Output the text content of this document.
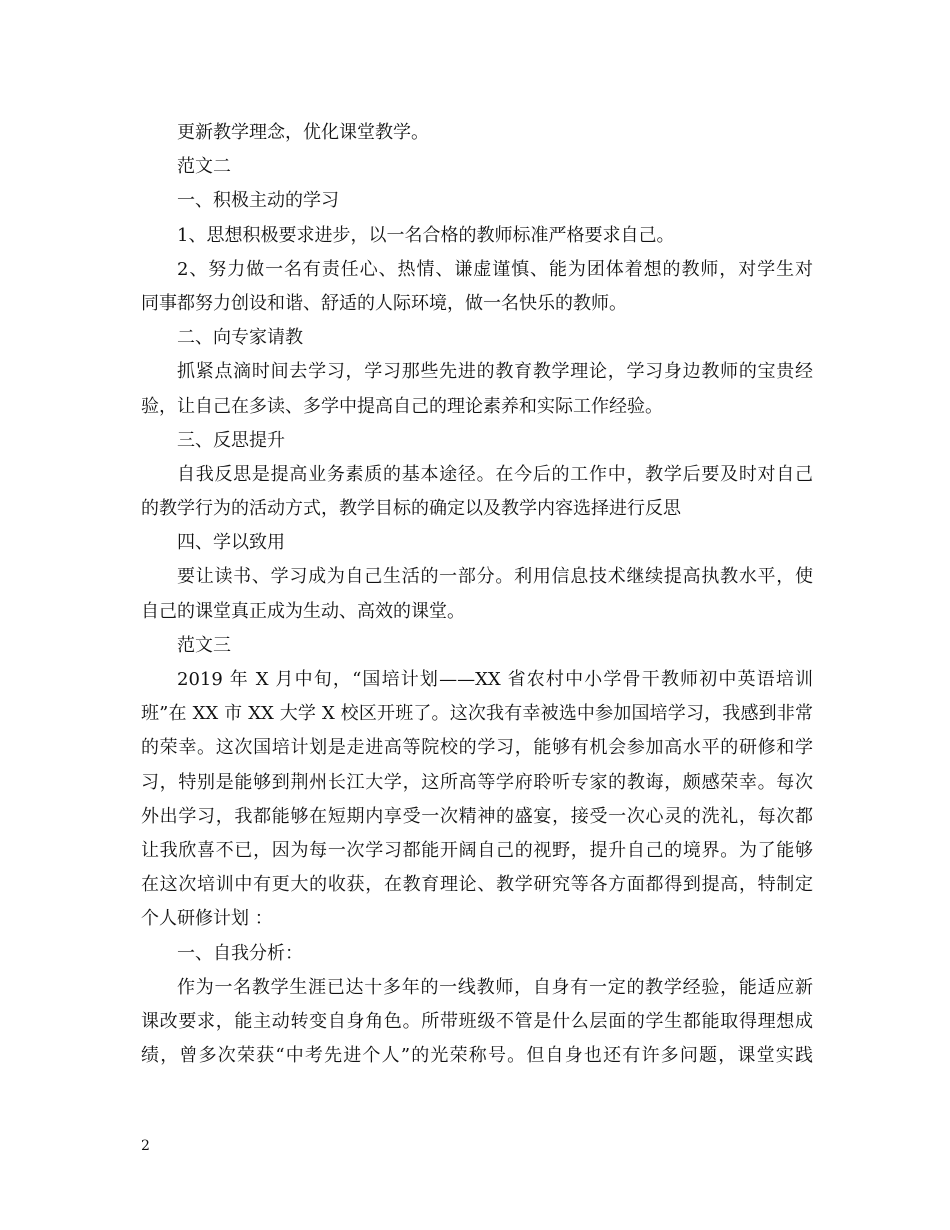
更新教学理念，优化课堂教学。
范文二
一、积极主动的学习
1、思想积极要求进步，以一名合格的教师标准严格要求自己。
2、努力做一名有责任心、热情、谦虚谨慎、能为团体着想的教师，对学生对
同事都努力创设和谐、舒适的人际环境，做一名快乐的教师。
二、向专家请教
抓紧点滴时间去学习，学习那些先进的教育教学理论，学习身边教师的宝贵经
验，让自己在多读、多学中提高自己的理论素养和实际工作经验。
三、反思提升
自我反思是提高业务素质的基本途径。在今后的工作中，教学后要及时对自己
的教学行为的活动方式，教学目标的确定以及教学内容选择进行反思
四、学以致用
要让读书、学习成为自己生活的一部分。利用信息技术继续提高执教水平，使
自己的课堂真正成为生动、高效的课堂。
范文三
2019 年 X 月中旬，“国培计划——XX 省农村中小学骨干教师初中英语培训
班”在 XX 市 XX 大学 X 校区开班了。这次我有幸被选中参加国培学习，我感到非常
的荣幸。这次国培计划是走进高等院校的学习，能够有机会参加高水平的研修和学
习，特别是能够到荆州长江大学，这所高等学府聆听专家的教诲，颇感荣幸。每次
外出学习，我都能够在短期内享受一次精神的盛宴，接受一次心灵的洗礼，每次都
让我欣喜不已，因为每一次学习都能开阔自己的视野，提升自己的境界。为了能够
在这次培训中有更大的收获，在教育理论、教学研究等各方面都得到提高，特制定
个人研修计划 ：
一、自我分析：
作为一名教学生涯已达十多年的一线教师，自身有一定的教学经验，能适应新
课改要求，能主动转变自身角色。所带班级不管是什么层面的学生都能取得理想成
绩，曾多次荣获“中考先进个人”的光荣称号。但自身也还有许多问题，课堂实践
2
